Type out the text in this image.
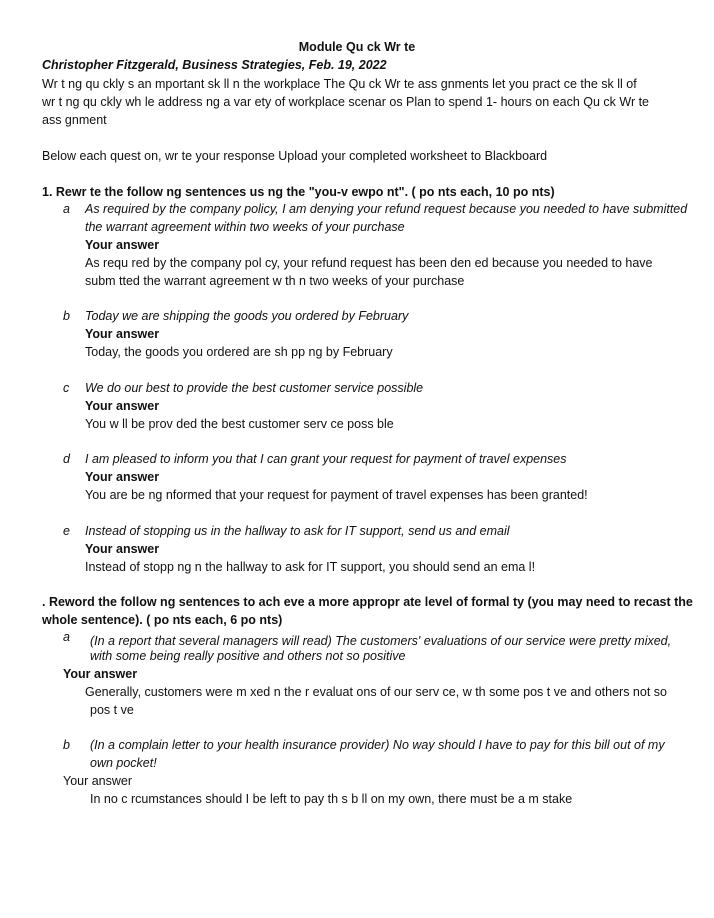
Module Qu ck Wr te
Christopher Fitzgerald, Business Strategies, Feb. 19, 2022
Wr t ng qu ckly s an mportant sk ll n the workplace The Qu ck Wr te ass gnments let you pract ce the sk ll of
wr t ng qu ckly wh le address ng a var ety of workplace scenar os Plan to spend 1- hours on each Qu ck Wr te
ass gnment
Below each quest on, wr te your response Upload your completed worksheet to Blackboard
1. Rewr te the follow ng sentences us ng the "you-v ewpo nt". ( po nts each, 10 po nts)
a As required by the company policy, I am denying your refund request because you needed to have submitted
the warrant agreement within two weeks of your purchase
Your answer
As requ red by the company pol cy, your refund request has been den ed because you needed to have
subm tted the warrant agreement w th n two weeks of your purchase
b Today we are shipping the goods you ordered by February
Your answer
Today, the goods you ordered are sh pp ng by February
c We do our best to provide the best customer service possible
Your answer
You w ll be prov ded the best customer serv ce poss ble
d I am pleased to inform you that I can grant your request for payment of travel expenses
Your answer
You are be ng nformed that your request for payment of travel expenses has been granted!
e Instead of stopping us in the hallway to ask for IT support, send us and email
Your answer
Instead of stopp ng n the hallway to ask for IT support, you should send an ema l!
. Reword the follow ng sentences to ach eve a more appropr ate level of formal ty (you may need to recast the
whole sentence). ( po nts each, 6 po nts)
a (In a report that several managers will read) The customers' evaluations of our service were pretty mixed,
with some being really positive and others not so positive
Your answer
Generally, customers were m xed n the r evaluat ons of our serv ce, w th some pos t ve and others not so
pos t ve
b (In a complain letter to your health insurance provider) No way should I have to pay for this bill out of my
own pocket!
Your answer
In no c rcumstances should I be left to pay th s b ll on my own, there must be a m stake
